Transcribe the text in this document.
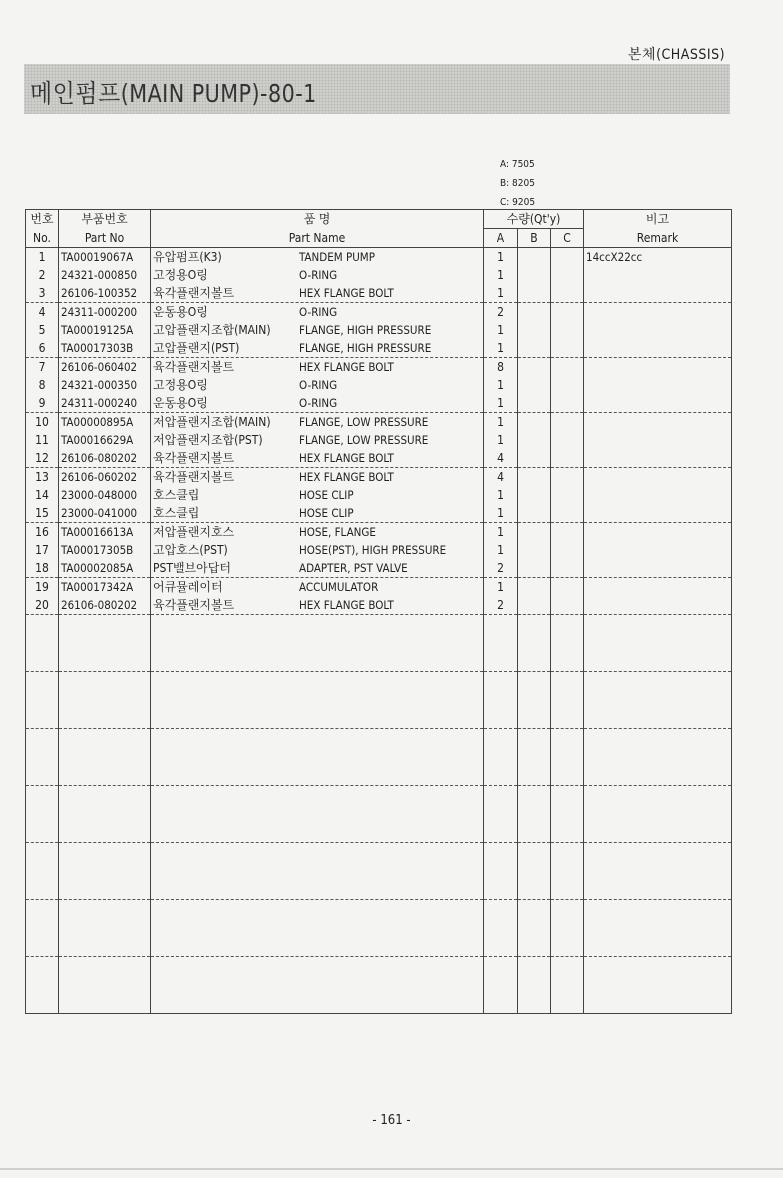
본체(CHASSIS)
메인펌프(MAIN PUMP)-80-1
A: 7505
B: 8205
C: 9205
번호	부품번호	품 명	수량(Qt'y)			비고
No.	Part No	Part Name	A	B	C	Remark
1	TA00019067A	유압펌프(K3) TANDEM PUMP	1			14ccX22cc
2	24321-000850	고정용O링 O-RING	1			
3	26106-100352	육각플랜지볼트 HEX FLANGE BOLT	1			
4	24311-000200	운동용O링 O-RING	2			
5	TA00019125A	고압플랜지조합(MAIN) FLANGE, HIGH PRESSURE	1			
6	TA00017303B	고압플랜지(PST) FLANGE, HIGH PRESSURE	1			
7	26106-060402	육각플랜지볼트 HEX FLANGE BOLT	8			
8	24321-000350	고정용O링 O-RING	1			
9	24311-000240	운동용O링 O-RING	1			
10	TA00000895A	저압플랜지조합(MAIN) FLANGE, LOW PRESSURE	1			
11	TA00016629A	저압플랜지조합(PST) FLANGE, LOW PRESSURE	1			
12	26106-080202	육각플랜지볼트 HEX FLANGE BOLT	4			
13	26106-060202	육각플랜지볼트 HEX FLANGE BOLT	4			
14	23000-048000	호스클립 HOSE CLIP	1			
15	23000-041000	호스클립 HOSE CLIP	1			
16	TA00016613A	저압플랜지호스 HOSE, FLANGE	1			
17	TA00017305B	고압호스(PST) HOSE(PST), HIGH PRESSURE	1			
18	TA00002085A	PST밸브아답터 ADAPTER, PST VALVE	2			
19	TA00017342A	어큐뮬레이터 ACCUMULATOR	1			
20	26106-080202	육각플랜지볼트 HEX FLANGE BOLT	2			

- 161 -
